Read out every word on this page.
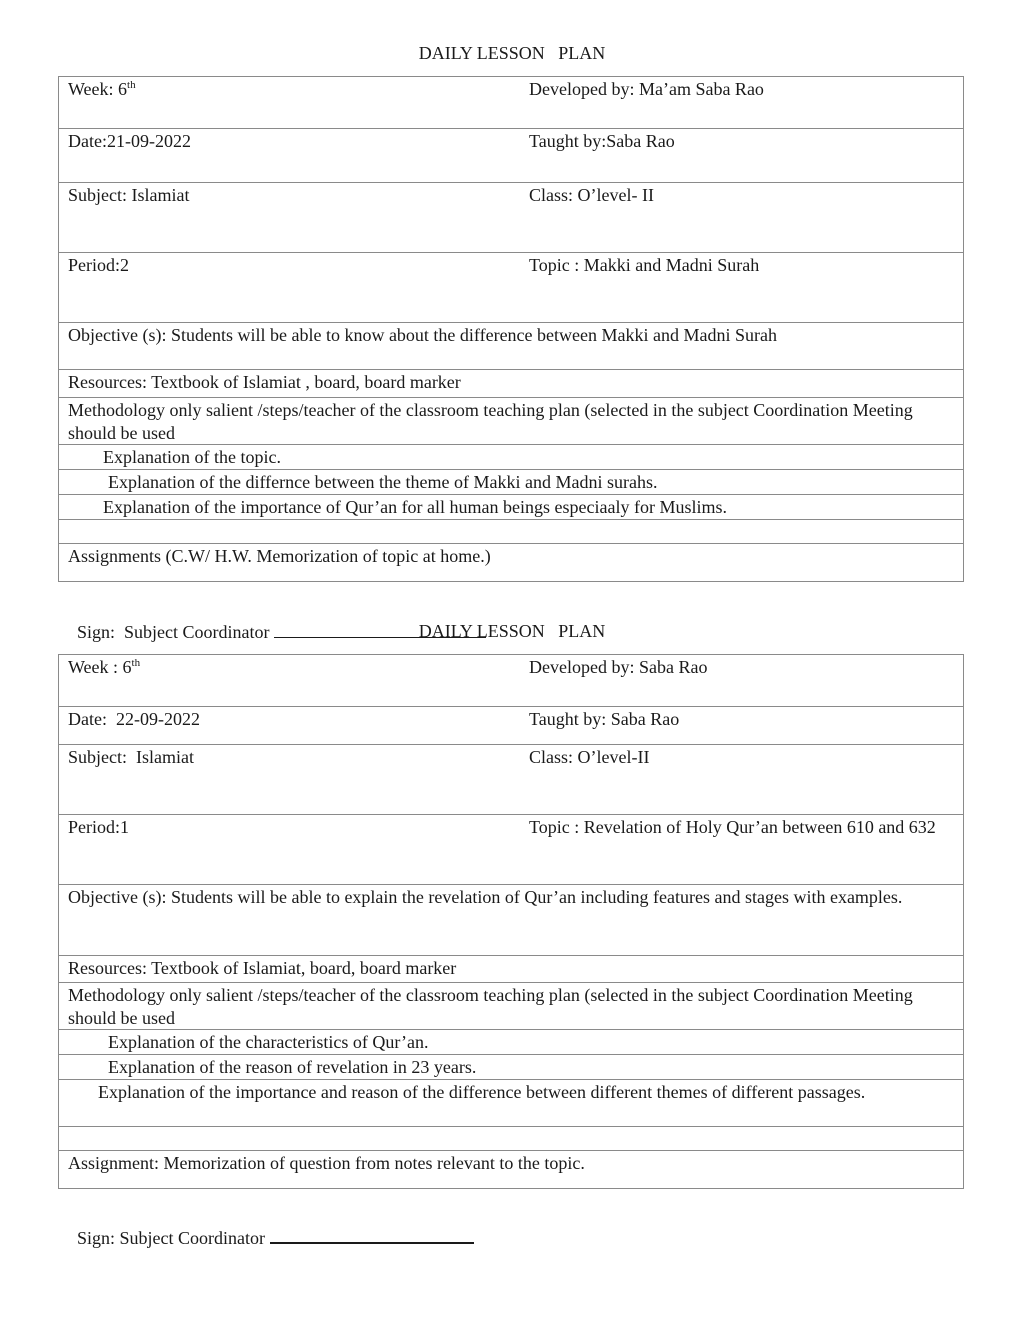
DAILY LESSON   PLAN
Week: 6th	Developed by: Ma’am Saba Rao
Date:21-09-2022	Taught by:Saba Rao
Subject: Islamiat	Class: O’level- II
Period:2	Topic : Makki and Madni Surah
Objective (s): Students will be able to know about the difference between Makki and Madni Surah
Resources: Textbook of Islamiat , board, board marker
Methodology only salient /steps/teacher of the classroom teaching plan (selected in the subject Coordination Meeting should be used
Explanation of the topic.
Explanation of the differnce between the theme of Makki and Madni surahs.
Explanation of the importance of Qur’an for all human beings especiaaly for Muslims.
Assignments (C.W/ H.W. Memorization of topic at home.)

Sign:  Subject Coordinator	DAILY LESSON   PLAN
Week : 6th	Developed by: Saba Rao
Date:  22-09-2022	Taught by: Saba Rao
Subject:  Islamiat	Class: O’level-II
Period:1	Topic : Revelation of Holy Qur’an between 610 and 632
Objective (s): Students will be able to explain the revelation of Qur’an including features and stages with examples.
Resources: Textbook of Islamiat, board, board marker
Methodology only salient /steps/teacher of the classroom teaching plan (selected in the subject Coordination Meeting should be used
Explanation of the characteristics of Qur’an.
Explanation of the reason of revelation in 23 years.
Explanation of the importance and reason of the difference between different themes of different passages.
Assignment: Memorization of question from notes relevant to the topic.

Sign: Subject Coordinator
